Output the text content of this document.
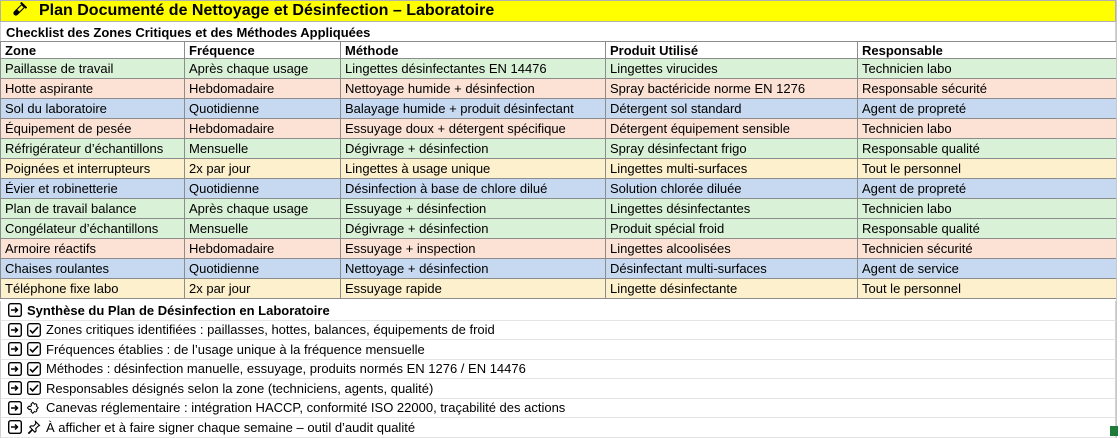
Plan Documenté de Nettoyage et Désinfection – Laboratoire
Checklist des Zones Critiques et des Méthodes Appliquées
Zone	Fréquence	Méthode	Produit Utilisé	Responsable
Paillasse de travail	Après chaque usage	Lingettes désinfectantes EN 14476	Lingettes virucides	Technicien labo
Hotte aspirante	Hebdomadaire	Nettoyage humide + désinfection	Spray bactéricide norme EN 1276	Responsable sécurité
Sol du laboratoire	Quotidienne	Balayage humide + produit désinfectant	Détergent sol standard	Agent de propreté
Équipement de pesée	Hebdomadaire	Essuyage doux + détergent spécifique	Détergent équipement sensible	Technicien labo
Réfrigérateur d’échantillons	Mensuelle	Dégivrage + désinfection	Spray désinfectant frigo	Responsable qualité
Poignées et interrupteurs	2x par jour	Lingettes à usage unique	Lingettes multi-surfaces	Tout le personnel
Évier et robinetterie	Quotidienne	Désinfection à base de chlore dilué	Solution chlorée diluée	Agent de propreté
Plan de travail balance	Après chaque usage	Essuyage + désinfection	Lingettes désinfectantes	Technicien labo
Congélateur d’échantillons	Mensuelle	Dégivrage + désinfection	Produit spécial froid	Responsable qualité
Armoire réactifs	Hebdomadaire	Essuyage + inspection	Lingettes alcoolisées	Technicien sécurité
Chaises roulantes	Quotidienne	Nettoyage + désinfection	Désinfectant multi-surfaces	Agent de service
Téléphone fixe labo	2x par jour	Essuyage rapide	Lingette désinfectante	Tout le personnel
Synthèse du Plan de Désinfection en Laboratoire
Zones critiques identifiées : paillasses, hottes, balances, équipements de froid
Fréquences établies : de l’usage unique à la fréquence mensuelle
Méthodes : désinfection manuelle, essuyage, produits normés EN 1276 / EN 14476
Responsables désignés selon la zone (techniciens, agents, qualité)
Canevas réglementaire : intégration HACCP, conformité ISO 22000, traçabilité des actions
À afficher et à faire signer chaque semaine – outil d’audit qualité
